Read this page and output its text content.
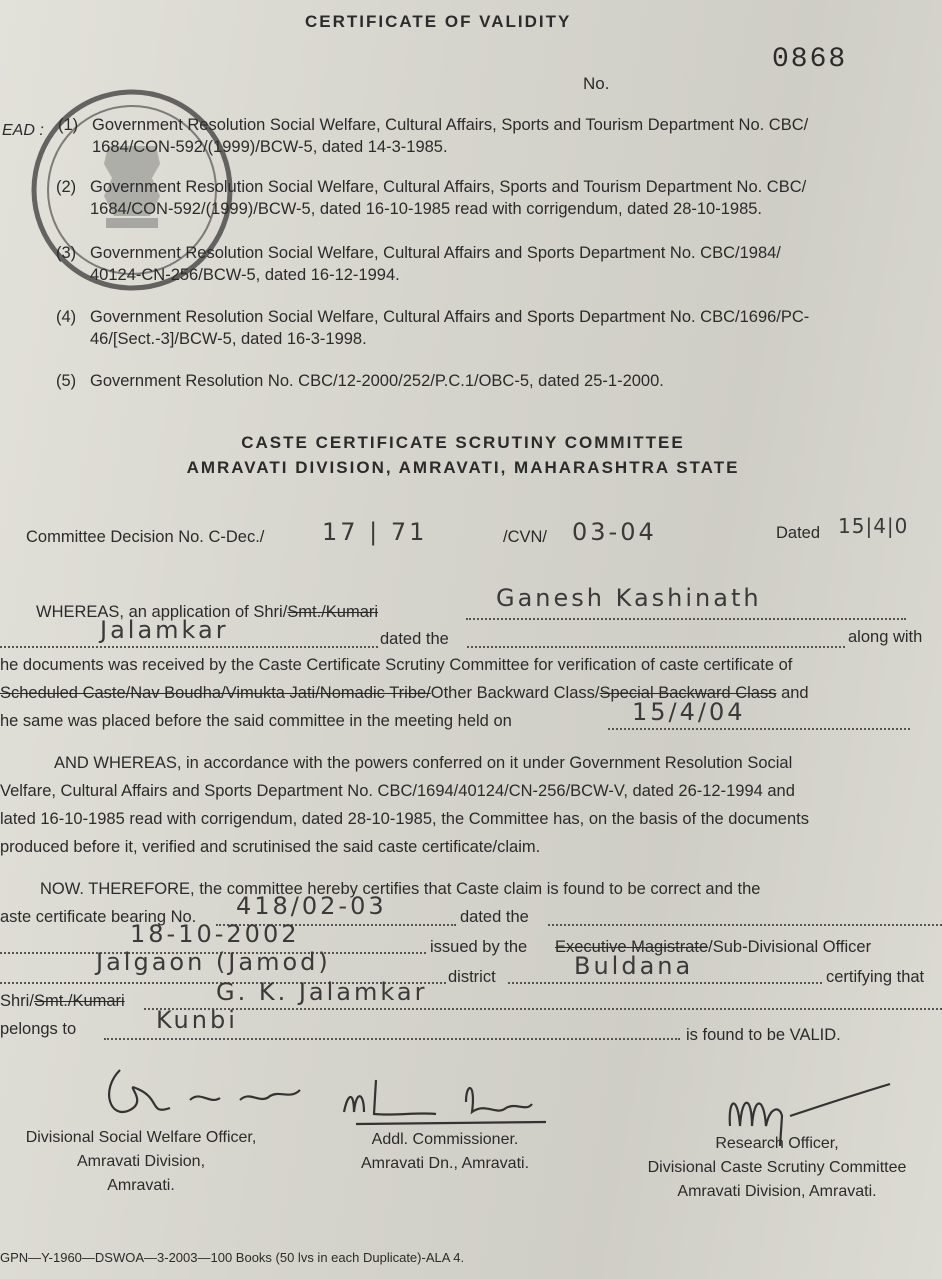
CERTIFICATE OF VALIDITY
0868
No.
EAD : (1) Government Resolution Social Welfare, Cultural Affairs, Sports and Tourism Department No. CBC/
1684/CON-592/(1999)/BCW-5, dated 14-3-1985.
(2) Government Resolution Social Welfare, Cultural Affairs, Sports and Tourism Department No. CBC/
1684/CON-592/(1999)/BCW-5, dated 16-10-1985 read with corrigendum, dated 28-10-1985.
(3) Government Resolution Social Welfare, Cultural Affairs and Sports Department No. CBC/1984/
40124-CN-256/BCW-5, dated 16-12-1994.
(4) Government Resolution Social Welfare, Cultural Affairs and Sports Department No. CBC/1696/PC-
46/[Sect.-3]/BCW-5, dated 16-3-1998.
(5) Government Resolution No. CBC/12-2000/252/P.C.1/OBC-5, dated 25-1-2000.
CASTE CERTIFICATE SCRUTINY COMMITTEE
AMRAVATI DIVISION, AMRAVATI, MAHARASHTRA STATE
Committee Decision No. C-Dec./ 17 | 71	/CVN/ 03-04	Dated 15|4|0
WHEREAS, an application of Shri/Smt./Kumari	Ganesh Kashinath
Jalamkar	dated the	along with
he documents was received by the Caste Certificate Scrutiny Committee for verification of caste certificate of
Scheduled Caste/Nav Boudha/Vimukta Jati/Nomadic Tribe/Other Backward Class/Special Backward Class and
he same was placed before the said committee in the meeting held on	15/4/04
AND WHEREAS, in accordance with the powers conferred on it under Government Resolution Social
Velfare, Cultural Affairs and Sports Department No. CBC/1694/40124/CN-256/BCW-V, dated 26-12-1994 and
lated 16-10-1985 read with corrigendum, dated 28-10-1985, the Committee has, on the basis of the documents
produced before it, verified and scrutinised the said caste certificate/claim.
NOW. THEREFORE, the committee hereby certifies that Caste claim is found to be correct and the
aste certificate bearing No. 418/02-03	dated the
18-10-2002	issued by the Executive Magistrate/Sub-Divisional Officer
Jalgaon (Jamod)
district	Buldana	certifying that
Shri/Smt./Kumari	G. K. Jalamkar
pelongs to	Kunbi
is found to be VALID.
Divisional Social Welfare Officer,
Amravati Division,
Amravati.
Addl. Commissioner.
Amravati Dn., Amravati.
Research Officer,
Divisional Caste Scrutiny Committee
Amravati Division, Amravati.
GPN—Y-1960—DSWOA—3-2003—100 Books (50 lvs in each Duplicate)-ALA 4.
